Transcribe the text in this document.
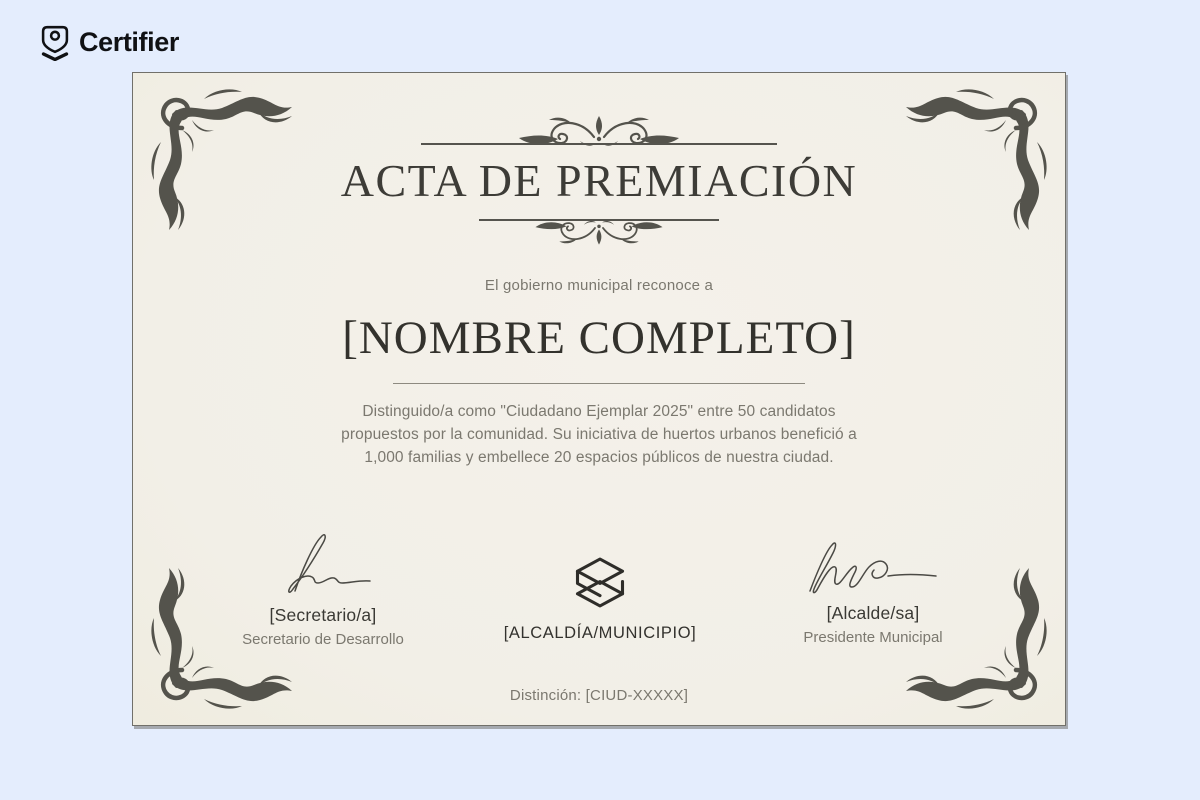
Certifier
ACTA DE PREMIACIÓN

El gobierno municipal reconoce a

[NOMBRE COMPLETO]
Distinguido/a como "Ciudadano Ejemplar 2025" entre 50 candidatos
propuestos por la comunidad. Su iniciativa de huertos urbanos benefició a
1,000 familias y embellece 20 espacios públicos de nuestra ciudad.
[Secretario/a]
Secretario de Desarrollo	[ALCALDÍA/MUNICIPIO]
[Alcalde/sa]
Presidente Municipal
Distinción: [CIUD-XXXXX]
